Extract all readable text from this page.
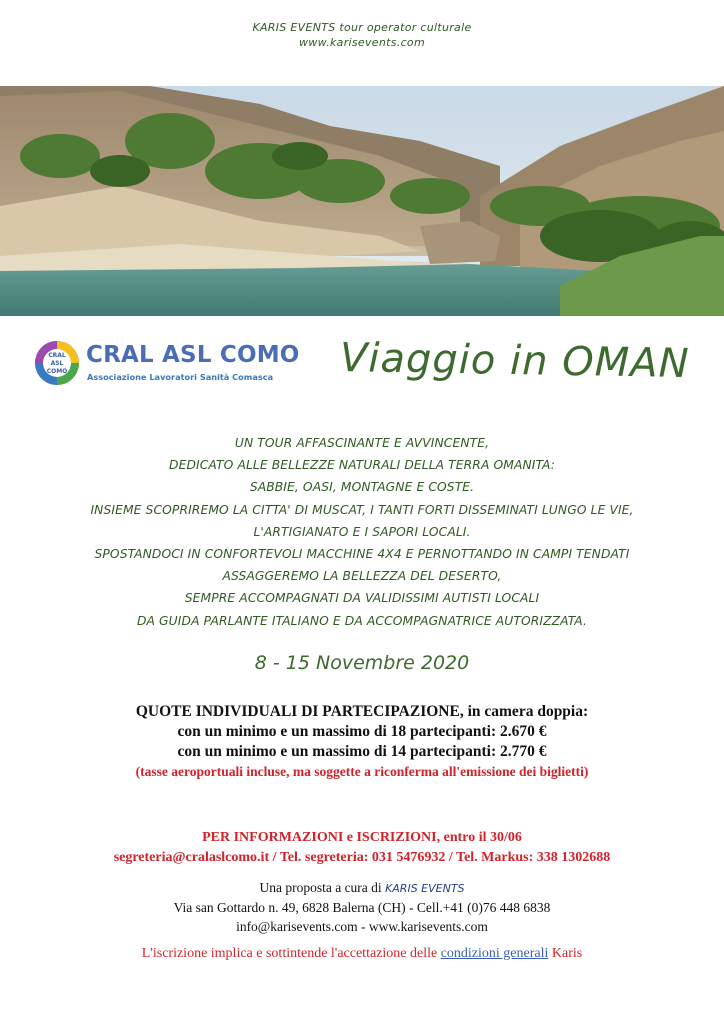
KARIS EVENTS tour operator culturale
www.karisevents.com
CRAL
ASL
COMO
CRAL ASL COMO
Associazione Lavoratori Sanità Comasca Viaggio in OMAN
UN TOUR AFFASCINANTE E AVVINCENTE,
DEDICATO ALLE BELLEZZE NATURALI DELLA TERRA OMANITA:
SABBIE, OASI, MONTAGNE E COSTE.
INSIEME SCOPRIREMO LA CITTA' DI MUSCAT, I TANTI FORTI DISSEMINATI LUNGO LE VIE,
L'ARTIGIANATO E I SAPORI LOCALI.
SPOSTANDOCI IN CONFORTEVOLI MACCHINE 4X4 E PERNOTTANDO IN CAMPI TENDATI
ASSAGGEREMO LA BELLEZZA DEL DESERTO,
SEMPRE ACCOMPAGNATI DA VALIDISSIMI AUTISTI LOCALI
DA GUIDA PARLANTE ITALIANO E DA ACCOMPAGNATRICE AUTORIZZATA.
8 - 15 Novembre 2020
QUOTE INDIVIDUALI DI PARTECIPAZIONE, in camera doppia:
con un minimo e un massimo di 18 partecipanti: 2.670 €
con un minimo e un massimo di 14 partecipanti: 2.770 €
(tasse aeroportuali incluse, ma soggette a riconferma all'emissione dei biglietti)
PER INFORMAZIONI e ISCRIZIONI, entro il 30/06
segreteria@cralaslcomo.it / Tel. segreteria: 031 5476932 / Tel. Markus: 338 1302688
Una proposta a cura di KARIS EVENTS
Via san Gottardo n. 49, 6828 Balerna (CH) - Cell.+41 (0)76 448 6838
info@karisevents.com - www.karisevents.com
L'iscrizione implica e sottintende l'accettazione delle condizioni generali Karis
